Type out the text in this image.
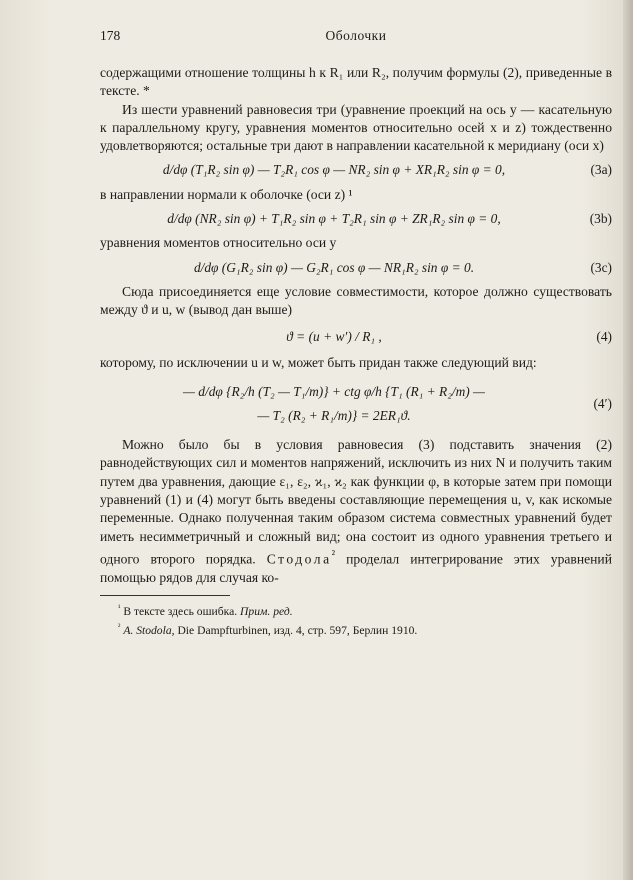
178	Оболочки

содержащими отношение толщины h к R₁ или R₂, получим формулы (2), приведенные в тексте. *

Из шести уравнений равновесия три (уравнение проекций на ось y — касательную к параллельному кругу, уравнения моментов относительно осей x и z) тождественно удовлетворяются; остальные три дают в направлении касательной к меридиану (оси x)

d/dφ (T₁R₂ sin φ) — T₂R₁ cos φ — NR₂ sin φ + XR₁R₂ sin φ = 0,	(3a)

в направлении нормали к оболочке (оси z) ¹

d/dφ (NR₂ sin φ) + T₁R₂ sin φ + T₂R₁ sin φ + ZR₁R₂ sin φ = 0,	(3b)

уравнения моментов относительно оси y

d/dφ (G₁R₂ sin φ) — G₂R₁ cos φ — NR₁R₂ sin φ = 0.	(3c)

Сюда присоединяется еще условие совместимости, которое должно существовать между ϑ и u, w (вывод дан выше)

ϑ = (u + w′) / R₁ ,	(4)

которому, по исключении u и w, может быть придан также следующий вид:

— d/dφ {R₂/h (T₂ — T₁/m)} + ctg φ/h {T₁ (R₁ + R₂/m) —
— T₂ (R₂ + R₁/m)} = 2ER₁ϑ.
(4′)

Можно было бы в условия равновесия (3) подставить значения (2) равнодействующих сил и моментов напряжений, исключить из них N и получить таким путем два уравнения, дающие ε₁, ε₂, ϰ₁, ϰ₂ как функции φ, в которые затем при помощи уравнений (1) и (4) могут быть введены составляющие перемещения u, v, как искомые переменные. Однако полученная таким образом система совместных уравнений будет иметь несимметричный и сложный вид; она состоит из одного уравнения третьего и одного второго порядка. Стодола$^{^2}$ проделал интегрирование этих уравнений помощью рядов для случая ко-

$^{^1}$ В тексте здесь ошибка. Прим. ред.
$^{^2}$ A. Stodola, Die Dampfturbinen, изд. 4, стр. 597, Берлин 1910.
